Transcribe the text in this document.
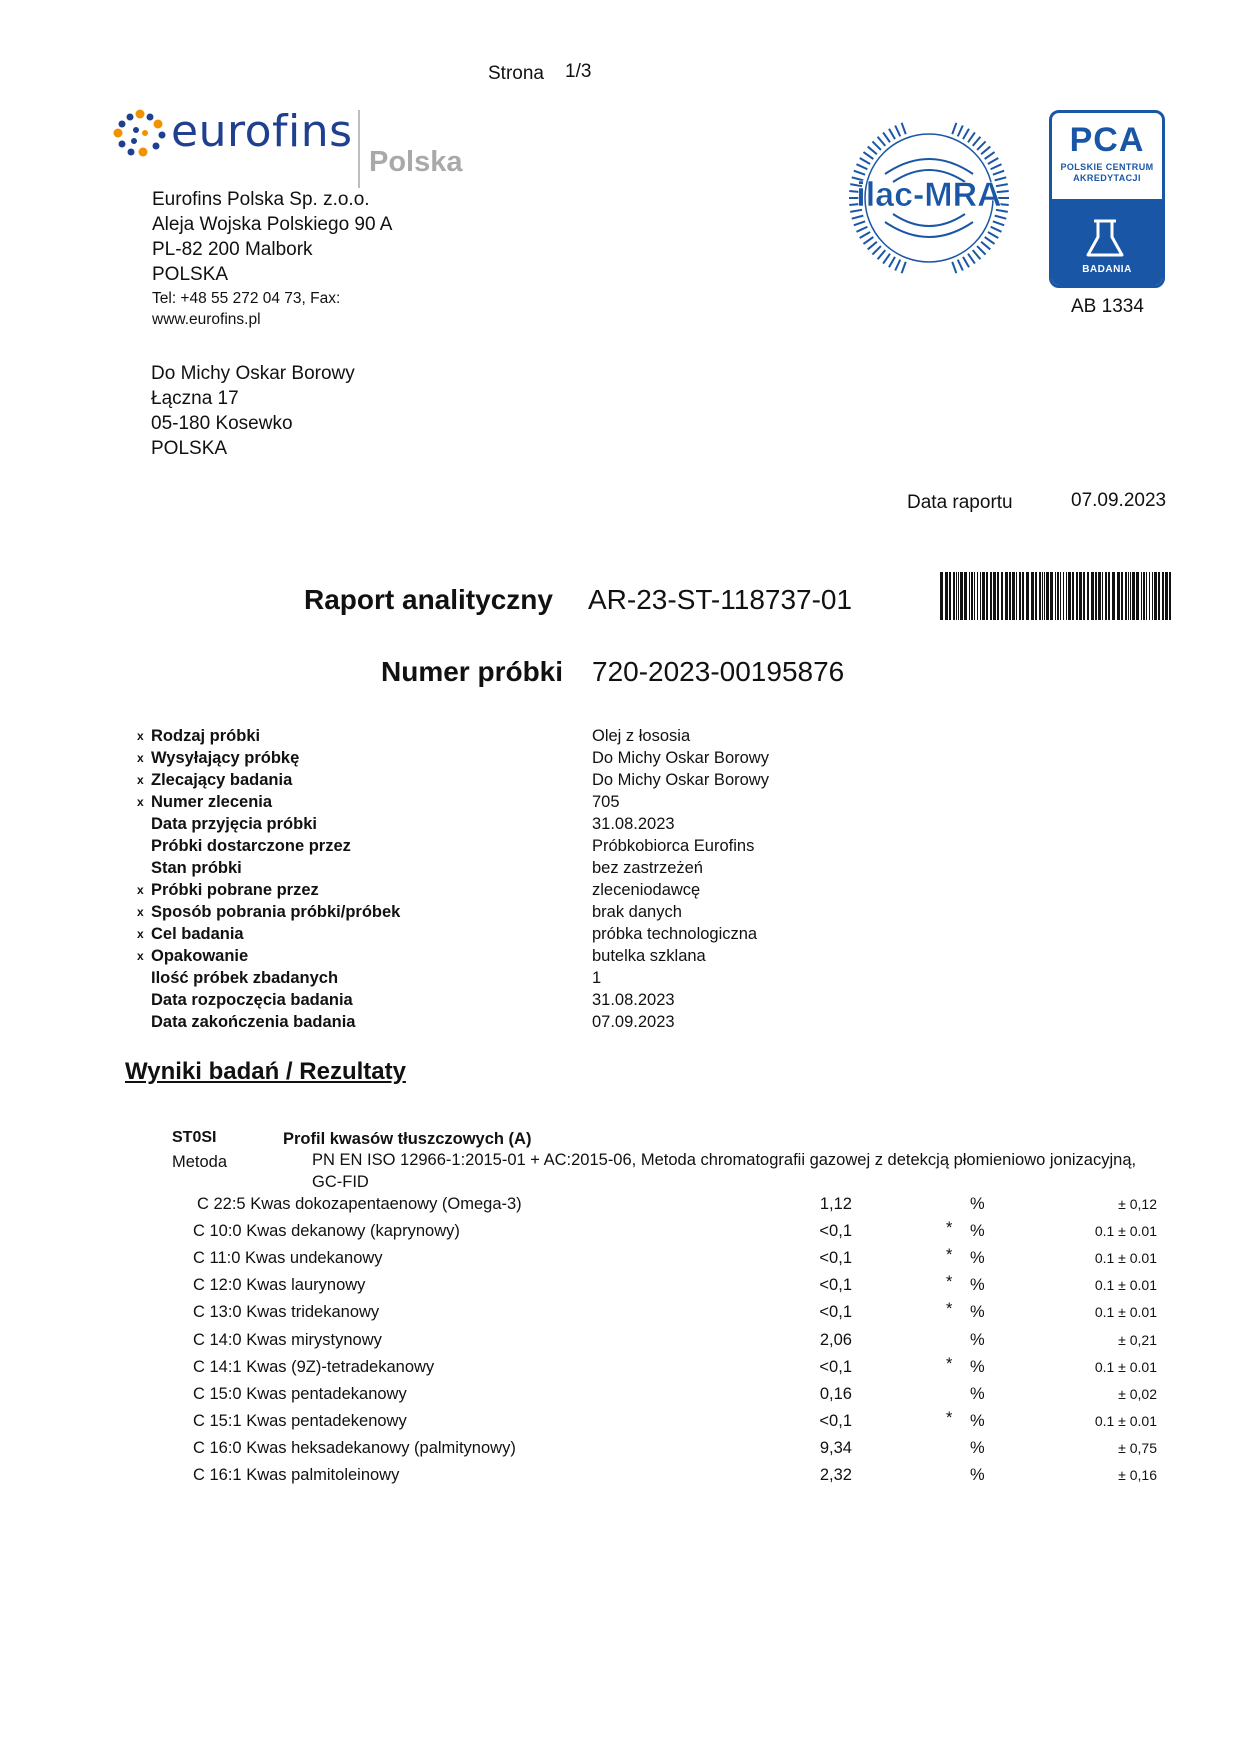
Strona 1/3
eurofins
Polska
Eurofins Polska Sp. z.o.o.
Aleja Wojska Polskiego 90 A
PL-82 200 Malbork
POLSKA
Tel: +48 55 272 04 73, Fax:
www.eurofins.pl
ilac-MRA
PCA
POLSKIE CENTRUM
AKREDYTACJI
BADANIA
AB 1334
Do Michy Oskar Borowy
Łączna 17
05-180 Kosewko
POLSKA
Data raportu	07.09.2023
Raport analityczny AR-23-ST-118737-01
Numer próbki 720-2023-00195876
x Rodzaj próbki	Olej z łososia
x Wysyłający próbkę	Do Michy Oskar Borowy
x Zlecający badania	Do Michy Oskar Borowy
x Numer zlecenia	705
Data przyjęcia próbki	31.08.2023
Próbki dostarczone przez	Próbkobiorca Eurofins
Stan próbki	bez zastrzeżeń
x Próbki pobrane przez	zleceniodawcę
x Sposób pobrania próbki/próbek	brak danych
x Cel badania	próbka technologiczna
x Opakowanie	butelka szklana
Ilość próbek zbadanych	1
Data rozpoczęcia badania	31.08.2023
Data zakończenia badania	07.09.2023
Wyniki badań / Rezultaty
ST0SI	Profil kwasów tłuszczowych (A)
Metoda	PN EN ISO 12966-1:2015-01 + AC:2015-06, Metoda chromatografii gazowej z detekcją płomieniowo jonizacyjną,
GC-FID
C 22:5 Kwas dokozapentaenowy (Omega-3)	1,12	%	± 0,12
C 10:0 Kwas dekanowy (kaprynowy)	<0,1	* %	0.1 ± 0.01
C 11:0 Kwas undekanowy	<0,1	* %	0.1 ± 0.01
C 12:0 Kwas laurynowy	<0,1	* %	0.1 ± 0.01
C 13:0 Kwas tridekanowy	<0,1	* %	0.1 ± 0.01
C 14:0 Kwas mirystynowy	2,06	%	± 0,21
C 14:1 Kwas (9Z)-tetradekanowy	<0,1	* %	0.1 ± 0.01
C 15:0 Kwas pentadekanowy	0,16	%	± 0,02
C 15:1 Kwas pentadekenowy	<0,1	* %	0.1 ± 0.01
C 16:0 Kwas heksadekanowy (palmitynowy)	9,34	%	± 0,75
C 16:1 Kwas palmitoleinowy	2,32	%	± 0,16
